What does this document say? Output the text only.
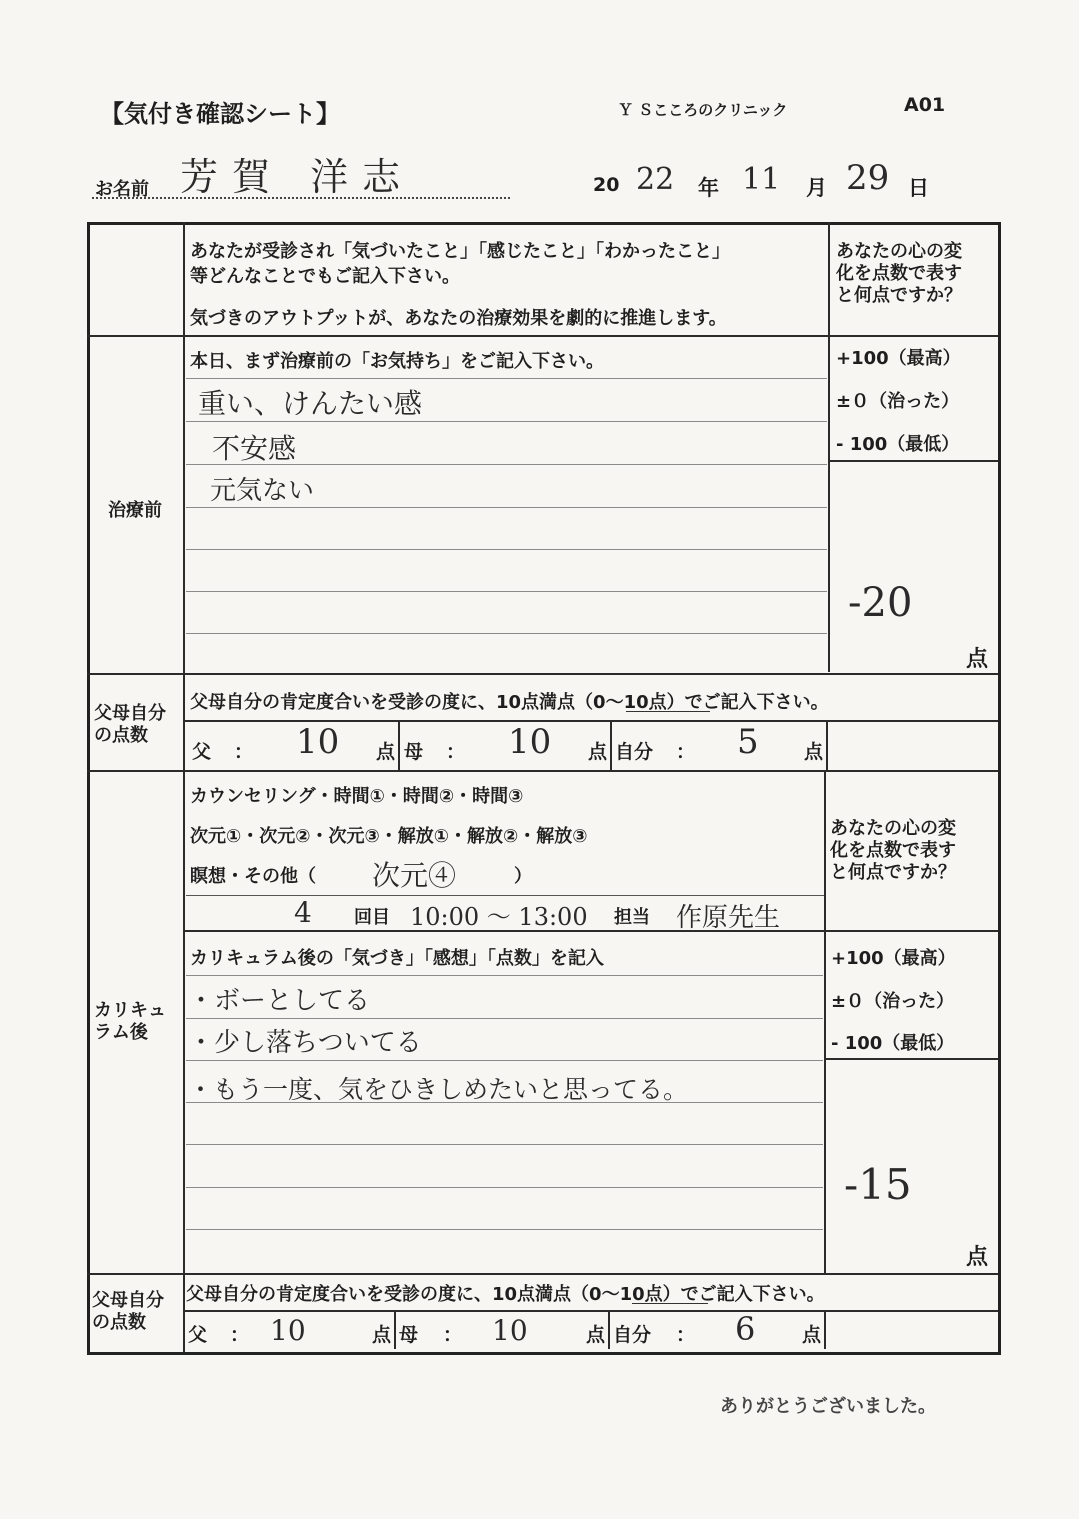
【気付き確認シート】	Ｙ Ｓこころのクリニック	A01
お名前 芳賀 洋志	20 22 年 11 月 29 日
あなたが受診され「気づいたこと」「感じたこと」「わかったこと」
等どんなことでもご記入下さい。
気づきのアウトプットが、あなたの治療効果を劇的に推進します。
あなたの心の変
化を点数で表す
と何点ですか？
治療前
本日、まず治療前の「お気持ち」をご記入下さい。
重い、けんたい感
不安感
元気ない
+100（最高）
±０（治った）
- 100（最低）
-20
点
父母自分
の点数
父母自分の肯定度合いを受診の度に、10点満点（0〜10点）でご記入下さい。
父 ： 10 点 母 ： 10 点 自分 ： 5 点
カリキュ
ラム後
カウンセリング・時間①・時間②・時間③
次元①・次元②・次元③・解放①・解放②・解放③
瞑想・その他（ 次元④	）
4 回目 10:00 〜 13:00 担当 作原先生
あなたの心の変
化を点数で表す
と何点ですか？
カリキュラム後の「気づき」「感想」「点数」を記入
・ボーとしてる
・少し落ちついてる
・もう一度、気をひきしめたいと思ってる。
+100（最高）
±０（治った）
- 100（最低）
-15
点
父母自分
の点数
父母自分の肯定度合いを受診の度に、10点満点（0〜10点）でご記入下さい。
父 ： 10	点 母 ： 10	点 自分 ： 6 点
ありがとうございました。
